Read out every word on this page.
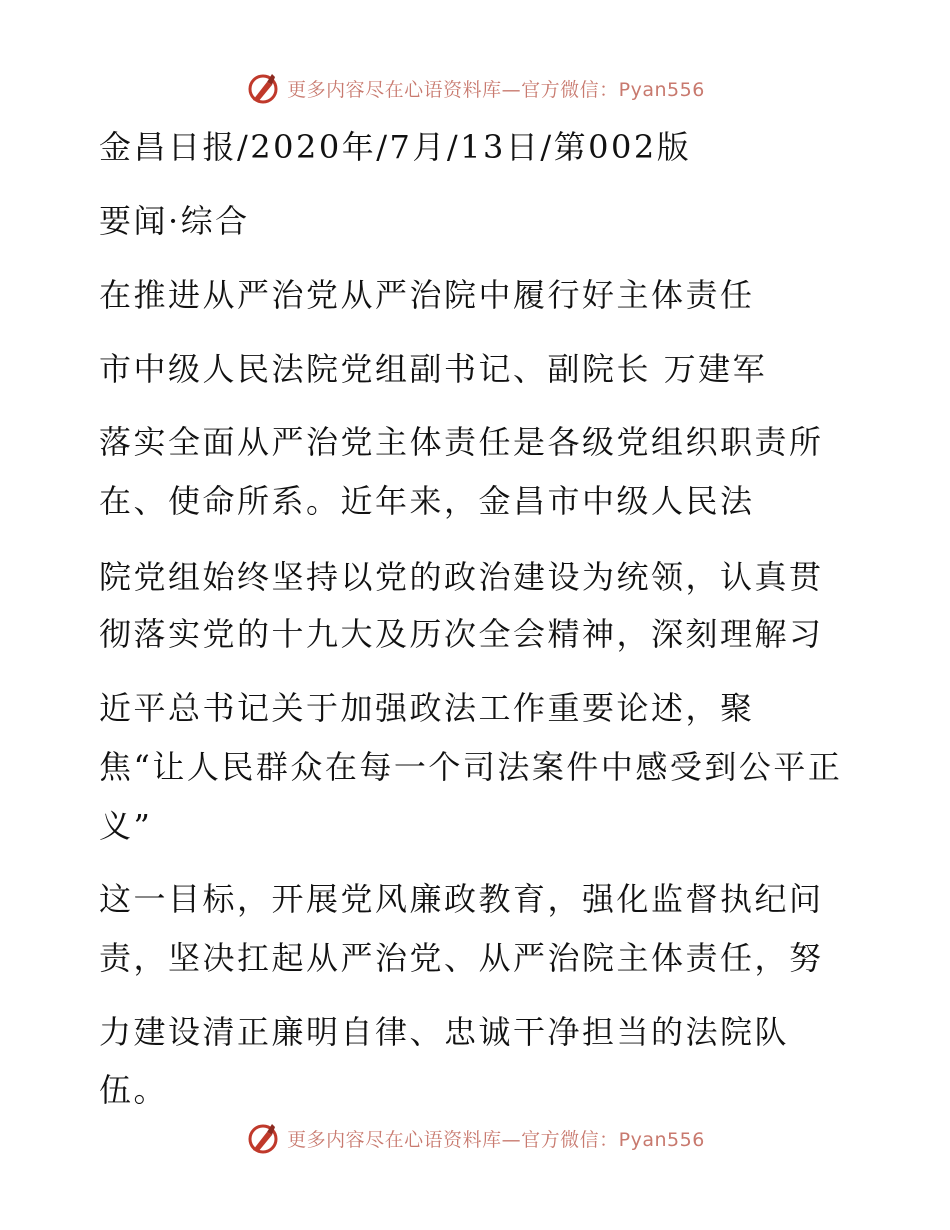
更多内容尽在心语资料库—官方微信：Pyan556
金昌日报/2020年/7月/13日/第002版
要闻·综合
在推进从严治党从严治院中履行好主体责任
市中级人民法院党组副书记、副院长 万建军
落实全面从严治党主体责任是各级党组织职责所
在、使命所系。近年来，金昌市中级人民法
院党组始终坚持以党的政治建设为统领，认真贯
彻落实党的十九大及历次全会精神，深刻理解习
近平总书记关于加强政法工作重要论述，聚
焦“让人民群众在每一个司法案件中感受到公平正
义”
这一目标，开展党风廉政教育，强化监督执纪问
责，坚决扛起从严治党、从严治院主体责任，努
力建设清正廉明自律、忠诚干净担当的法院队
伍。
更多内容尽在心语资料库—官方微信：Pyan556
